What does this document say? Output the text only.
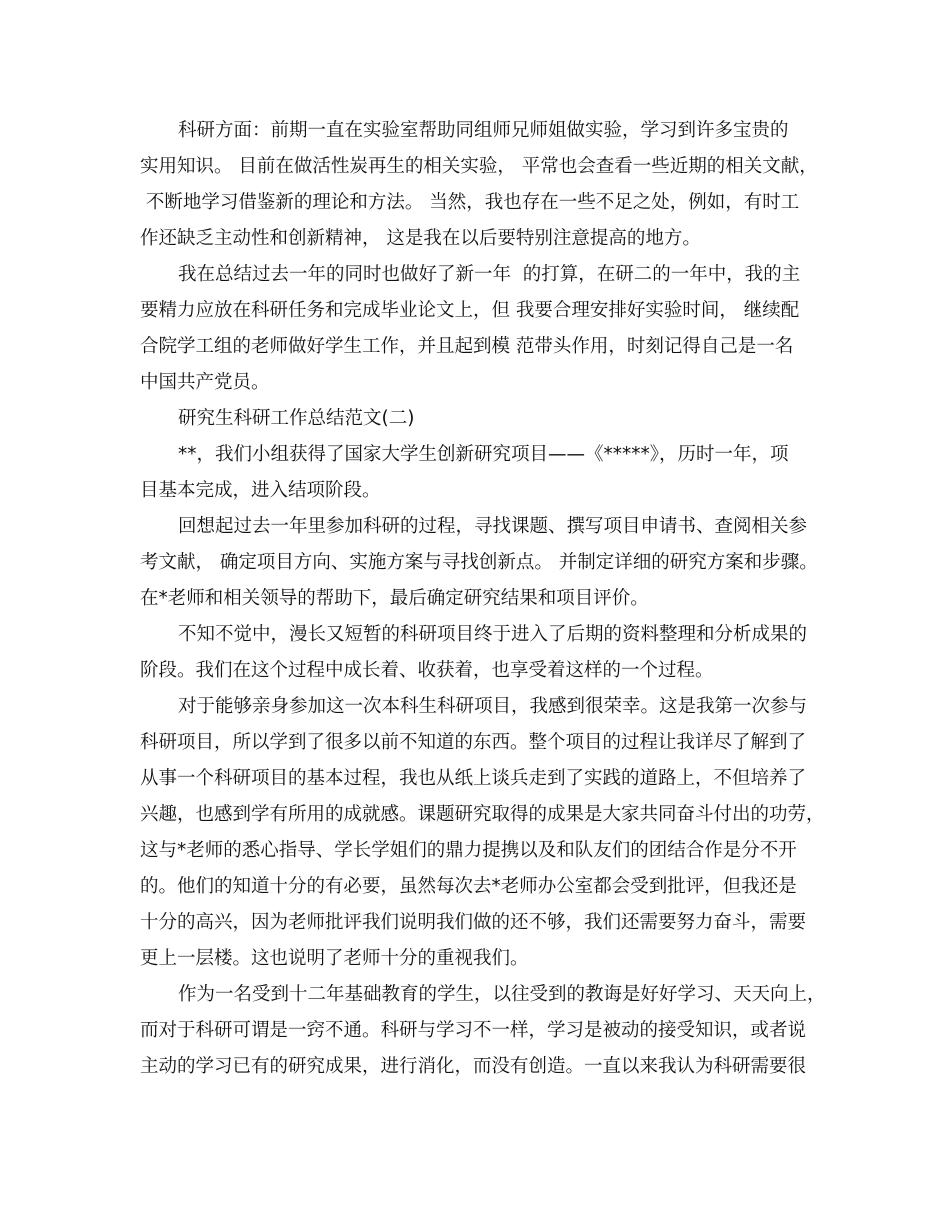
科研方面：前期一直在实验室帮助同组师兄师姐做实验，学习到许多宝贵的
实用知识。 目前在做活性炭再生的相关实验， 平常也会查看一些近期的相关文献，
不断地学习借鉴新的理论和方法。 当然，我也存在一些不足之处，例如，有时工
作还缺乏主动性和创新精神， 这是我在以后要特别注意提高的地方。
我在总结过去一年的同时也做好了新一年  的打算，在研二的一年中，我的主
要精力应放在科研任务和完成毕业论文上，但 我要合理安排好实验时间， 继续配
合院学工组的老师做好学生工作，并且起到模 范带头作用，时刻记得自己是一名
中国共产党员。
研究生科研工作总结范文(二)
**，我们小组获得了国家大学生创新研究项目——《*****》，历时一年，项
目基本完成，进入结项阶段。
回想起过去一年里参加科研的过程，寻找课题、撰写项目申请书、查阅相关参
考文献， 确定项目方向、实施方案与寻找创新点。 并制定详细的研究方案和步骤。
在*老师和相关领导的帮助下，最后确定研究结果和项目评价。
不知不觉中，漫长又短暂的科研项目终于进入了后期的资料整理和分析成果的
阶段。我们在这个过程中成长着、收获着，也享受着这样的一个过程。
对于能够亲身参加这一次本科生科研项目，我感到很荣幸。这是我第一次参与
科研项目，所以学到了很多以前不知道的东西。整个项目的过程让我详尽了解到了
从事一个科研项目的基本过程，我也从纸上谈兵走到了实践的道路上，不但培养了
兴趣，也感到学有所用的成就感。课题研究取得的成果是大家共同奋斗付出的功劳，
这与*老师的悉心指导、学长学姐们的鼎力提携以及和队友们的团结合作是分不开
的。他们的知道十分的有必要，虽然每次去*老师办公室都会受到批评，但我还是
十分的高兴，因为老师批评我们说明我们做的还不够，我们还需要努力奋斗，需要
更上一层楼。这也说明了老师十分的重视我们。
作为一名受到十二年基础教育的学生，以往受到的教诲是好好学习、天天向上，
而对于科研可谓是一窍不通。科研与学习不一样，学习是被动的接受知识，或者说
主动的学习已有的研究成果，进行消化，而没有创造。一直以来我认为科研需要很
